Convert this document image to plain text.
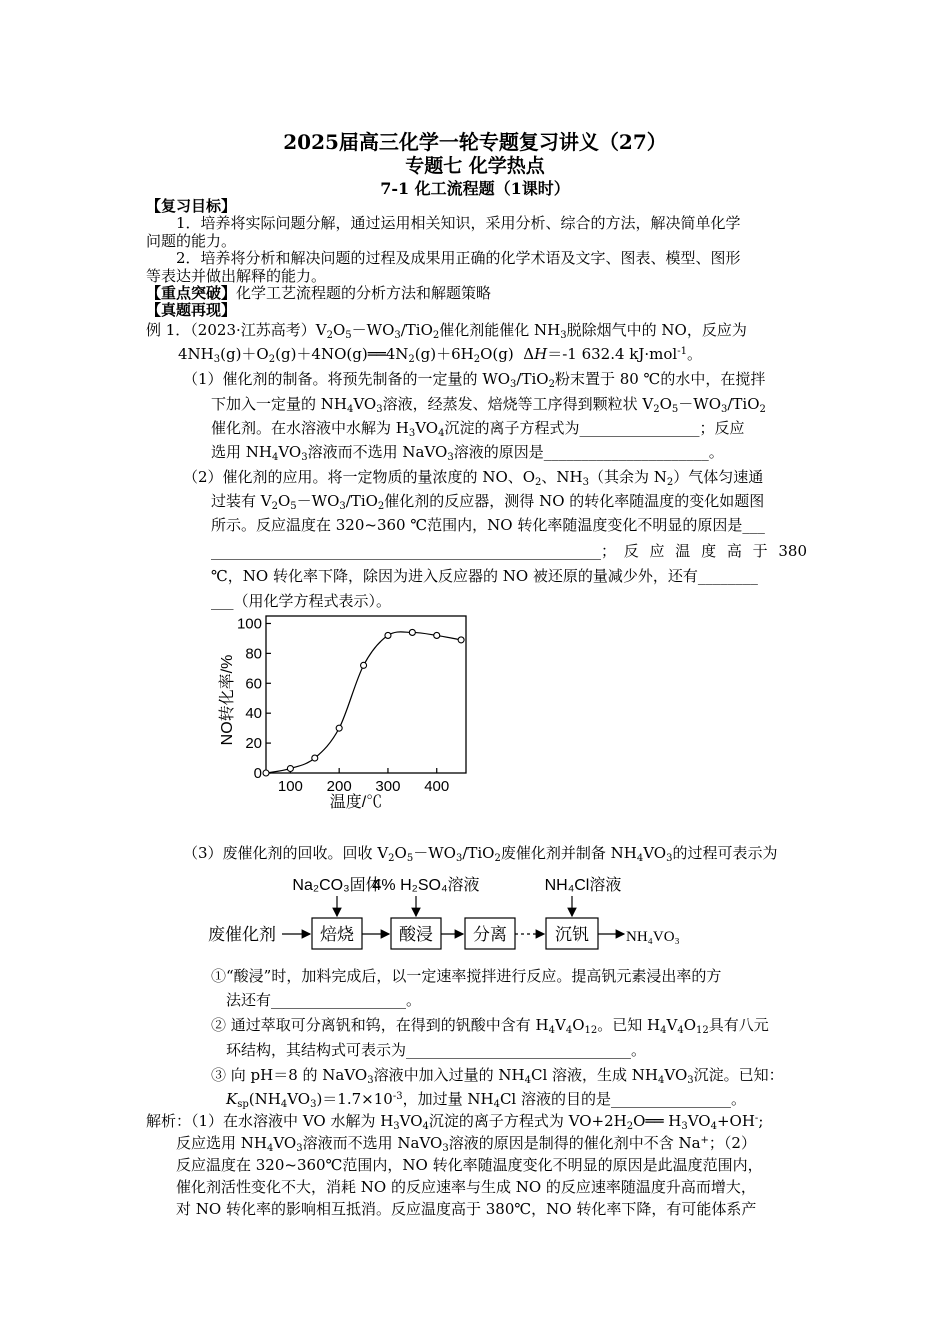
2025届高三化学一轮专题复习讲义（27）
专题七 化学热点
7-1 化工流程题（1课时）
【复习目标】
1．培养将实际问题分解，通过运用相关知识，采用分析、综合的方法，解决简单化学
问题的能力。
2．培养将分析和解决问题的过程及成果用正确的化学术语及文字、图表、模型、图形
等表达并做出解释的能力。
【重点突破】化学工艺流程题的分析方法和解题策略
【真题再现】
例 1．（2023·江苏高考）$V_2O_5-WO_3/TiO_2$催化剂能催化 $NH_3$脱除烟气中的 NO，反应为
$4NH_3(g)+O_2(g)+4NO(g)══4N_2(g)+6H_2O(g)$  ΔH＝-1 632.4 kJ·mol$^{-1}$。
（1）催化剂的制备。将预先制备的一定量的 $WO_3/TiO_2$粉末置于 80 ℃的水中，在搅拌
下加入一定量的 $NH_4VO_3$溶液，经蒸发、焙烧等工序得到颗粒状 $V_2O_5-WO_3/TiO_2$
催化剂。在水溶液中水解为 $H_3VO_4$沉淀的离子方程式为________________；反应
选用 $NH_4VO_3$溶液而不选用 NaVO$_3$溶液的原因是______________________。
（2）催化剂的应用。将一定物质的量浓度的 NO、$O_2$、$NH_3$（其余为 $N_2$）气体匀速通
过装有 $V_2O_5-WO_3/TiO_2$催化剂的反应器，测得 NO 的转化率随温度的变化如题图
所示。反应温度在 320~360 ℃范围内，NO 转化率随温度变化不明显的原因是___
____________________________________________________； 反 应 温 度 高 于 380
℃，NO 转化率下降，除因为进入反应器的 NO 被还原的量减少外，还有________
___（用化学方程式表示）。
NO转化率/%
0
20
40
60
80
100
100 200 300 400
温度/℃
（3）废催化剂的回收。回收 $V_2O_5-WO_3/TiO_2$废催化剂并制备 $NH_4VO_3$的过程可表示为
废催化剂	焙烧	酸浸 分离	沉钒 NH₄VO₃
Na₂CO₃固体
4% H₂SO₄溶液	NH₄Cl溶液
①“酸浸”时，加料完成后，以一定速率搅拌进行反应。提高钒元素浸出率的方
法还有__________________。
② 通过萃取可分离钒和钨，在得到的钒酸中含有 $H_4V_4O_{12}$。已知 $H_4V_4O_{12}$具有八元
环结构，其结构式可表示为______________________________。
③ 向 pH＝8 的 NaVO$_3$溶液中加入过量的 $NH_4Cl$ 溶液，生成 $NH_4VO_3$沉淀。已知：
$K_{sp}(NH_4VO_3)=1.7\times 10^{-3}$，加过量 $NH_4Cl$ 溶液的目的是________________。
解析：（1）在水溶液中 VO 水解为 $H_3VO_4$沉淀的离子方程式为 $VO+2H_2O══$ $H_3VO_4+OH^-$;
反应选用 $NH_4VO_3$溶液而不选用 NaVO$_3$溶液的原因是制得的催化剂中不含 Na+；（2）
反应温度在 320~360℃范围内，NO 转化率随温度变化不明显的原因是此温度范围内，
催化剂活性变化不大，消耗 NO 的反应速率与生成 NO 的反应速率随温度升高而增大，
对 NO 转化率的影响相互抵消。反应温度高于 380℃，NO 转化率下降，有可能体系产
